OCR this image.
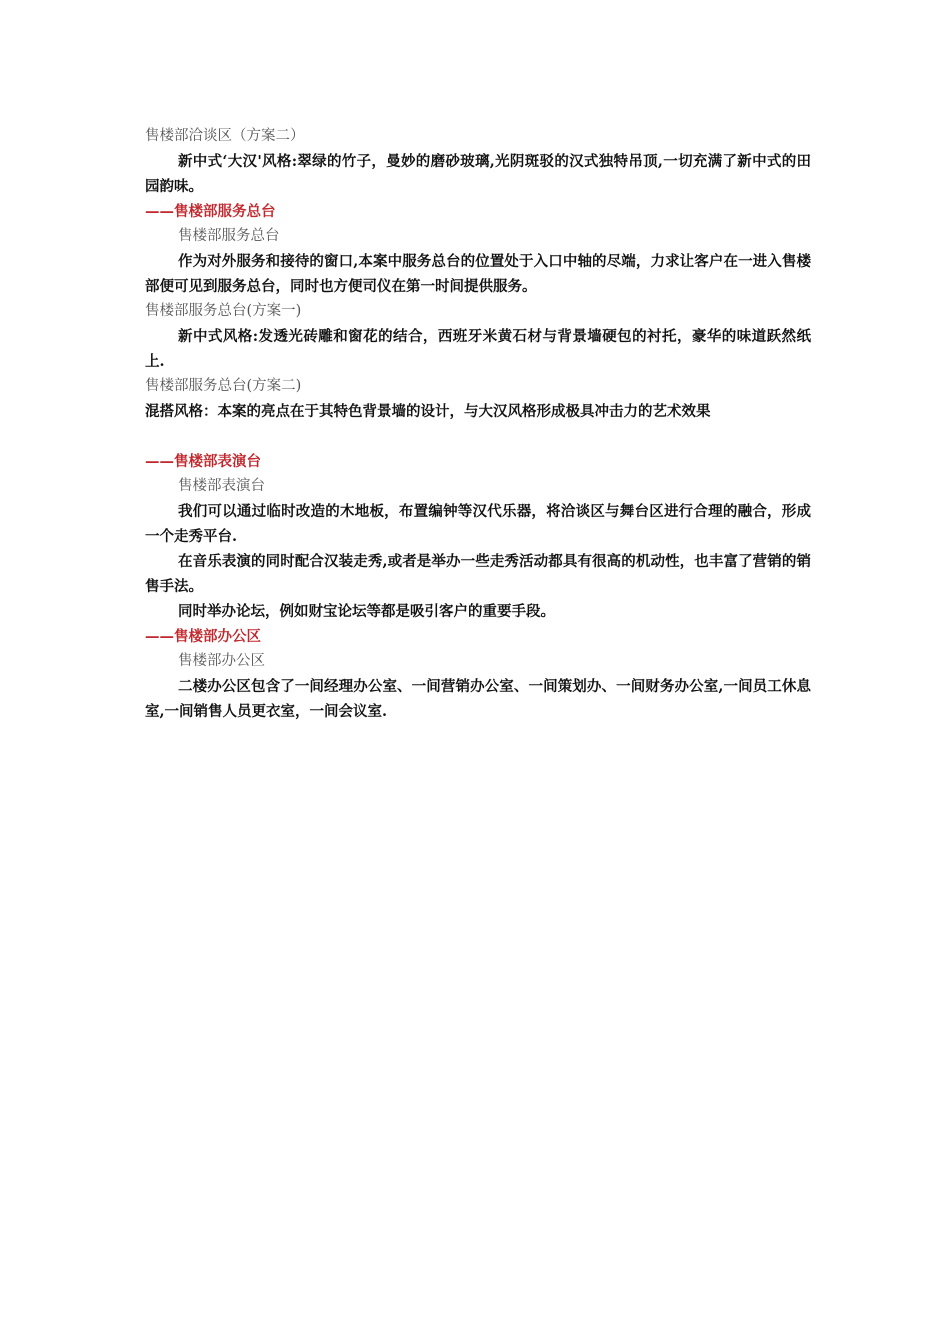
售楼部洽谈区（方案二）

新中式‘大汉'风格:翠绿的竹子，曼妙的磨砂玻璃,光阴斑驳的汉式独特吊顶,一切充满了新中式的田园韵味。

——售楼部服务总台

售楼部服务总台

作为对外服务和接待的窗口,本案中服务总台的位置处于入口中轴的尽端，力求让客户在一进入售楼部便可见到服务总台，同时也方便司仪在第一时间提供服务。

售楼部服务总台(方案一)

新中式风格:发透光砖雕和窗花的结合，西班牙米黄石材与背景墙硬包的衬托，豪华的味道跃然纸上.

售楼部服务总台(方案二)

混搭风格：本案的亮点在于其特色背景墙的设计，与大汉风格形成极具冲击力的艺术效果

——售楼部表演台

售楼部表演台

我们可以通过临时改造的木地板，布置编钟等汉代乐器，将洽谈区与舞台区进行合理的融合，形成一个走秀平台.

在音乐表演的同时配合汉装走秀,或者是举办一些走秀活动都具有很高的机动性，也丰富了营销的销售手法。

同时举办论坛，例如财宝论坛等都是吸引客户的重要手段。

——售楼部办公区

售楼部办公区

二楼办公区包含了一间经理办公室、一间营销办公室、一间策划办、一间财务办公室,一间员工休息室,一间销售人员更衣室，一间会议室.
